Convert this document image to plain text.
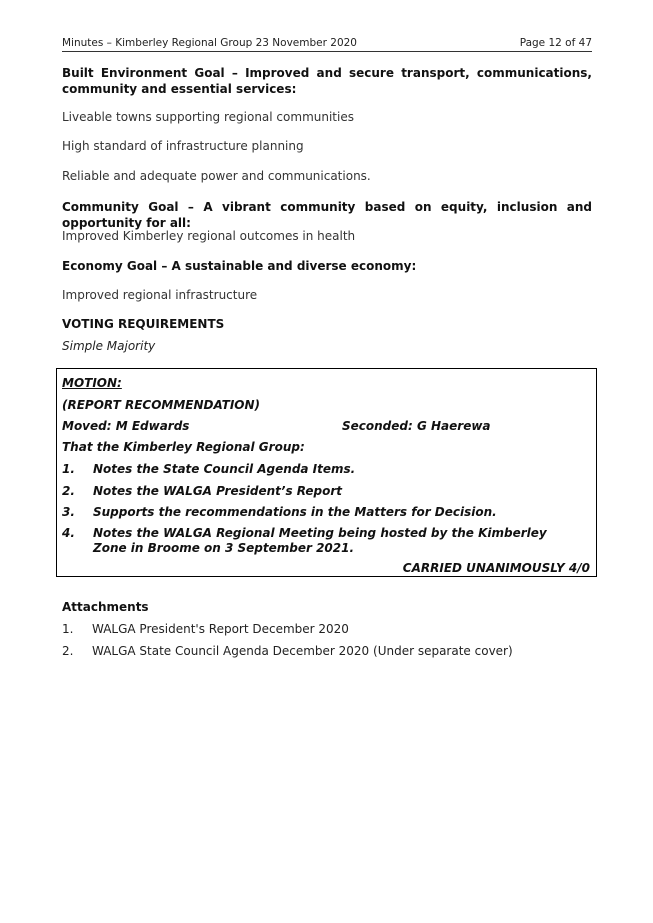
Minutes – Kimberley Regional Group 23 November 2020	Page 12 of 47
Built Environment Goal – Improved and secure transport, communications, community and essential services:
Liveable towns supporting regional communities
High standard of infrastructure planning
Reliable and adequate power and communications.
Community Goal – A vibrant community based on equity, inclusion and opportunity for all:
Improved Kimberley regional outcomes in health
Economy Goal – A sustainable and diverse economy:
Improved regional infrastructure
VOTING REQUIREMENTS
Simple Majority
MOTION:
(REPORT RECOMMENDATION)
Moved: M Edwards	Seconded: G Haerewa
That the Kimberley Regional Group:
1. Notes the State Council Agenda Items.
2. Notes the WALGA President’s Report
3. Supports the recommendations in the Matters for Decision.
4. Notes the WALGA Regional Meeting being hosted by the Kimberley Zone in Broome on 3 September 2021.
CARRIED UNANIMOUSLY 4/0
Attachments
1. WALGA President's Report December 2020
2. WALGA State Council Agenda December 2020 (Under separate cover)
